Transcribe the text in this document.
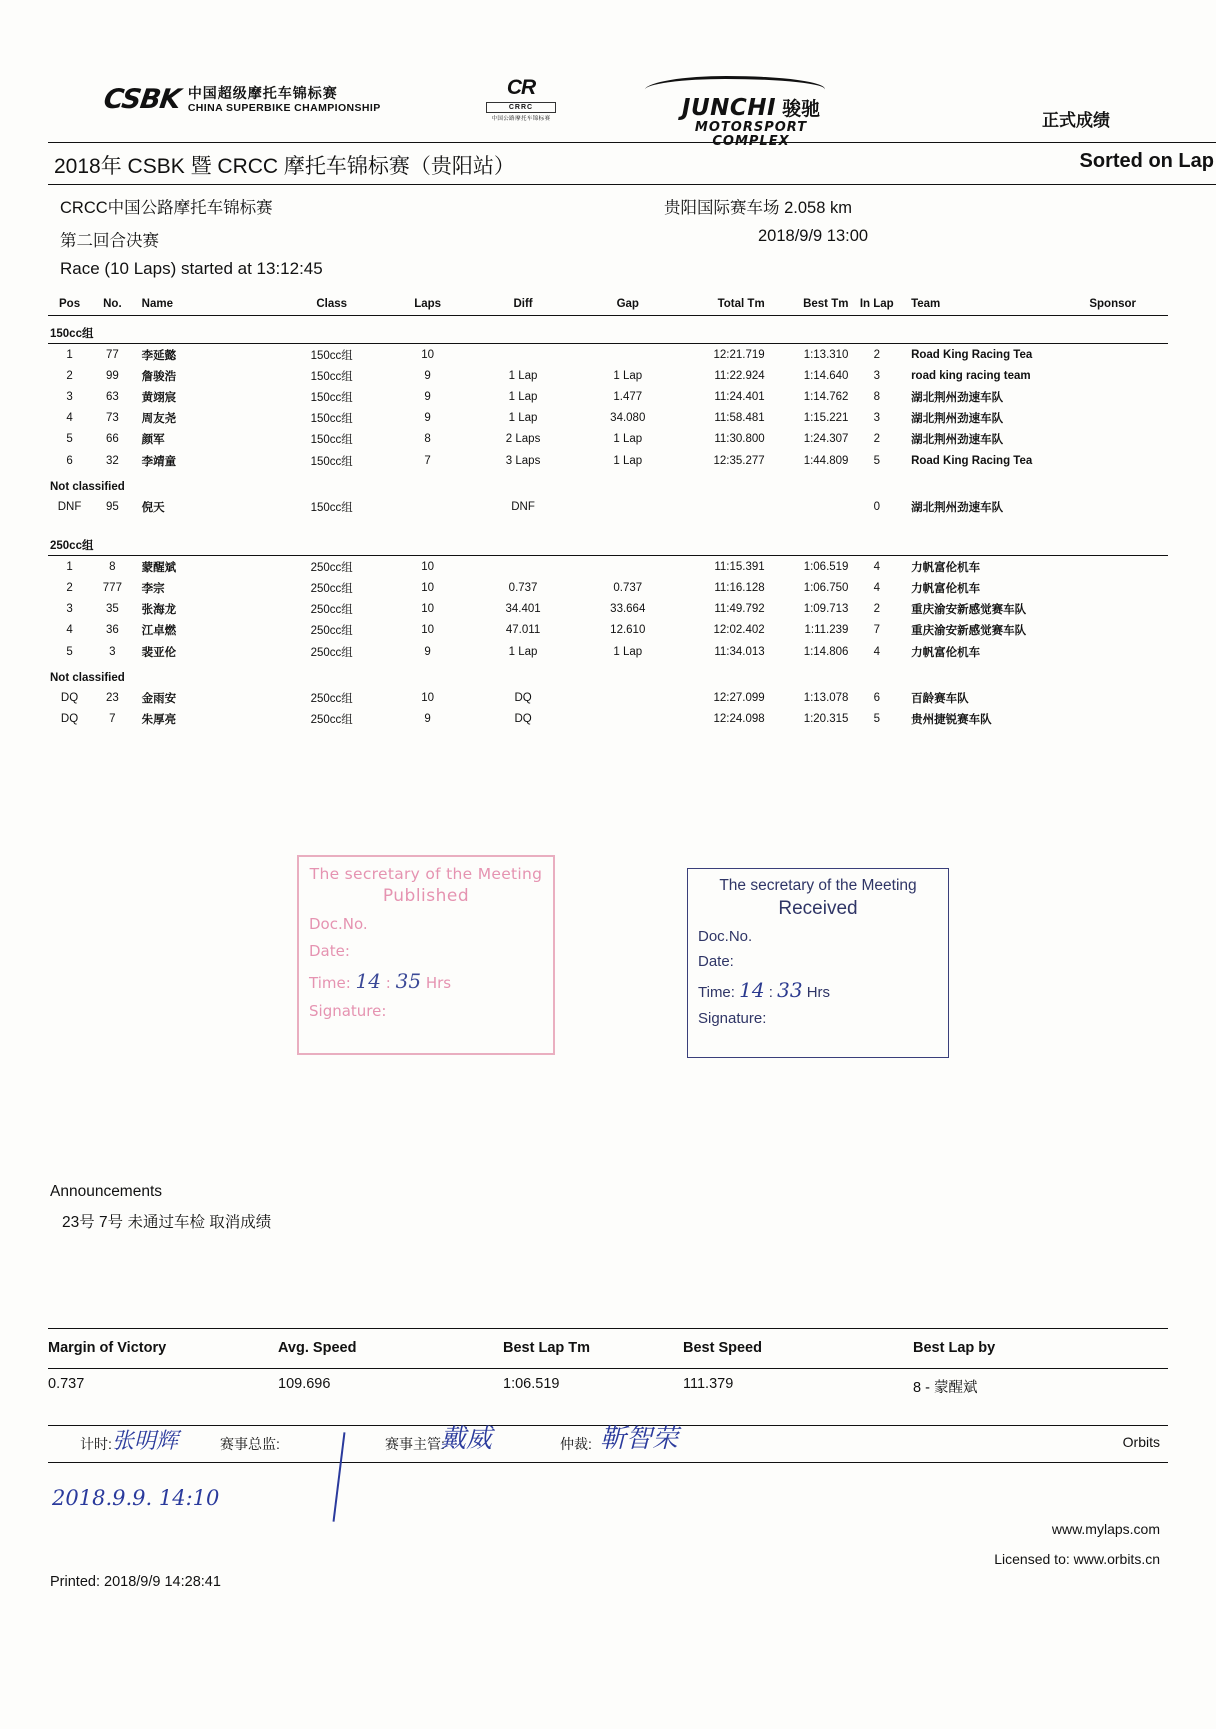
CSBK 中国超级摩托车锦标赛
CHINA SUPERBIKE CHAMPIONSHIP
CR
CRRC
中国公路摩托车锦标赛	JUNCHI 骏驰
MOTORSPORT
COMPLEX
正式成绩
2018年 CSBK 暨 CRCC 摩托车锦标赛（贵阳站）	Sorted on Lap
CRCC中国公路摩托车锦标赛
第二回合决赛
贵阳国际赛车场 2.058 km
2018/9/9 13:00
Race (10 Laps) started at 13:12:45
Pos	No.	Name	Class	Laps	Diff	Gap	Total Tm	Best Tm	In Lap	Team	Sponsor
150cc组											
1	77	李延懿	150cc组	10			12:21.719	1:13.310	2	Road King Racing Tea	
2	99	詹骏浩	150cc组	9	1 Lap	1 Lap	11:22.924	1:14.640	3	road king racing team	
3	63	黄翊宸	150cc组	9	1 Lap	1.477	11:24.401	1:14.762	8	湖北荆州劲速车队	
4	73	周友尧	150cc组	9	1 Lap	34.080	11:58.481	1:15.221	3	湖北荆州劲速车队	
5	66	颜军	150cc组	8	2 Laps	1 Lap	11:30.800	1:24.307	2	湖北荆州劲速车队	
6	32	李靖童	150cc组	7	3 Laps	1 Lap	12:35.277	1:44.809	5	Road King Racing Tea	
Not classified											
DNF	95	倪天	150cc组		DNF				0	湖北荆州劲速车队	

250cc组											
1	8	蒙醒斌	250cc组	10			11:15.391	1:06.519	4	力帆富伦机车	
2	777	李宗	250cc组	10	0.737	0.737	11:16.128	1:06.750	4	力帆富伦机车	
3	35	张海龙	250cc组	10	34.401	33.664	11:49.792	1:09.713	2	重庆渝安新感觉赛车队	
4	36	江卓燃	250cc组	10	47.011	12.610	12:02.402	1:11.239	7	重庆渝安新感觉赛车队	
5	3	裴亚伦	250cc组	9	1 Lap	1 Lap	11:34.013	1:14.806	4	力帆富伦机车	
Not classified											
DQ	23	金雨安	250cc组	10	DQ		12:27.099	1:13.078	6	百龄赛车队	
DQ	7	朱厚亮	250cc组	9	DQ		12:24.098	1:20.315	5	贵州捷锐赛车队	
The secretary of the Meeting
Published
Doc.No.
Date:
Time: 14 : 35 Hrs
Signature:
The secretary of the Meeting
Received
Doc.No.
Date:
Time: 14 : 33 Hrs
Signature:
Announcements
23号 7号 未通过车检 取消成绩
Margin of Victory	Avg. Speed	Best Lap Tm	Best Speed	Best Lap by
0.737	109.696	1:06.519	111.379	8 - 蒙醒斌
计时:	赛事总监:	赛事主管:	仲裁:	Orbits
张明辉	戴威	靳智荣
2018.9.9. 14:10
www.mylaps.com
Licensed to: www.orbits.cn
Printed: 2018/9/9 14:28:41
